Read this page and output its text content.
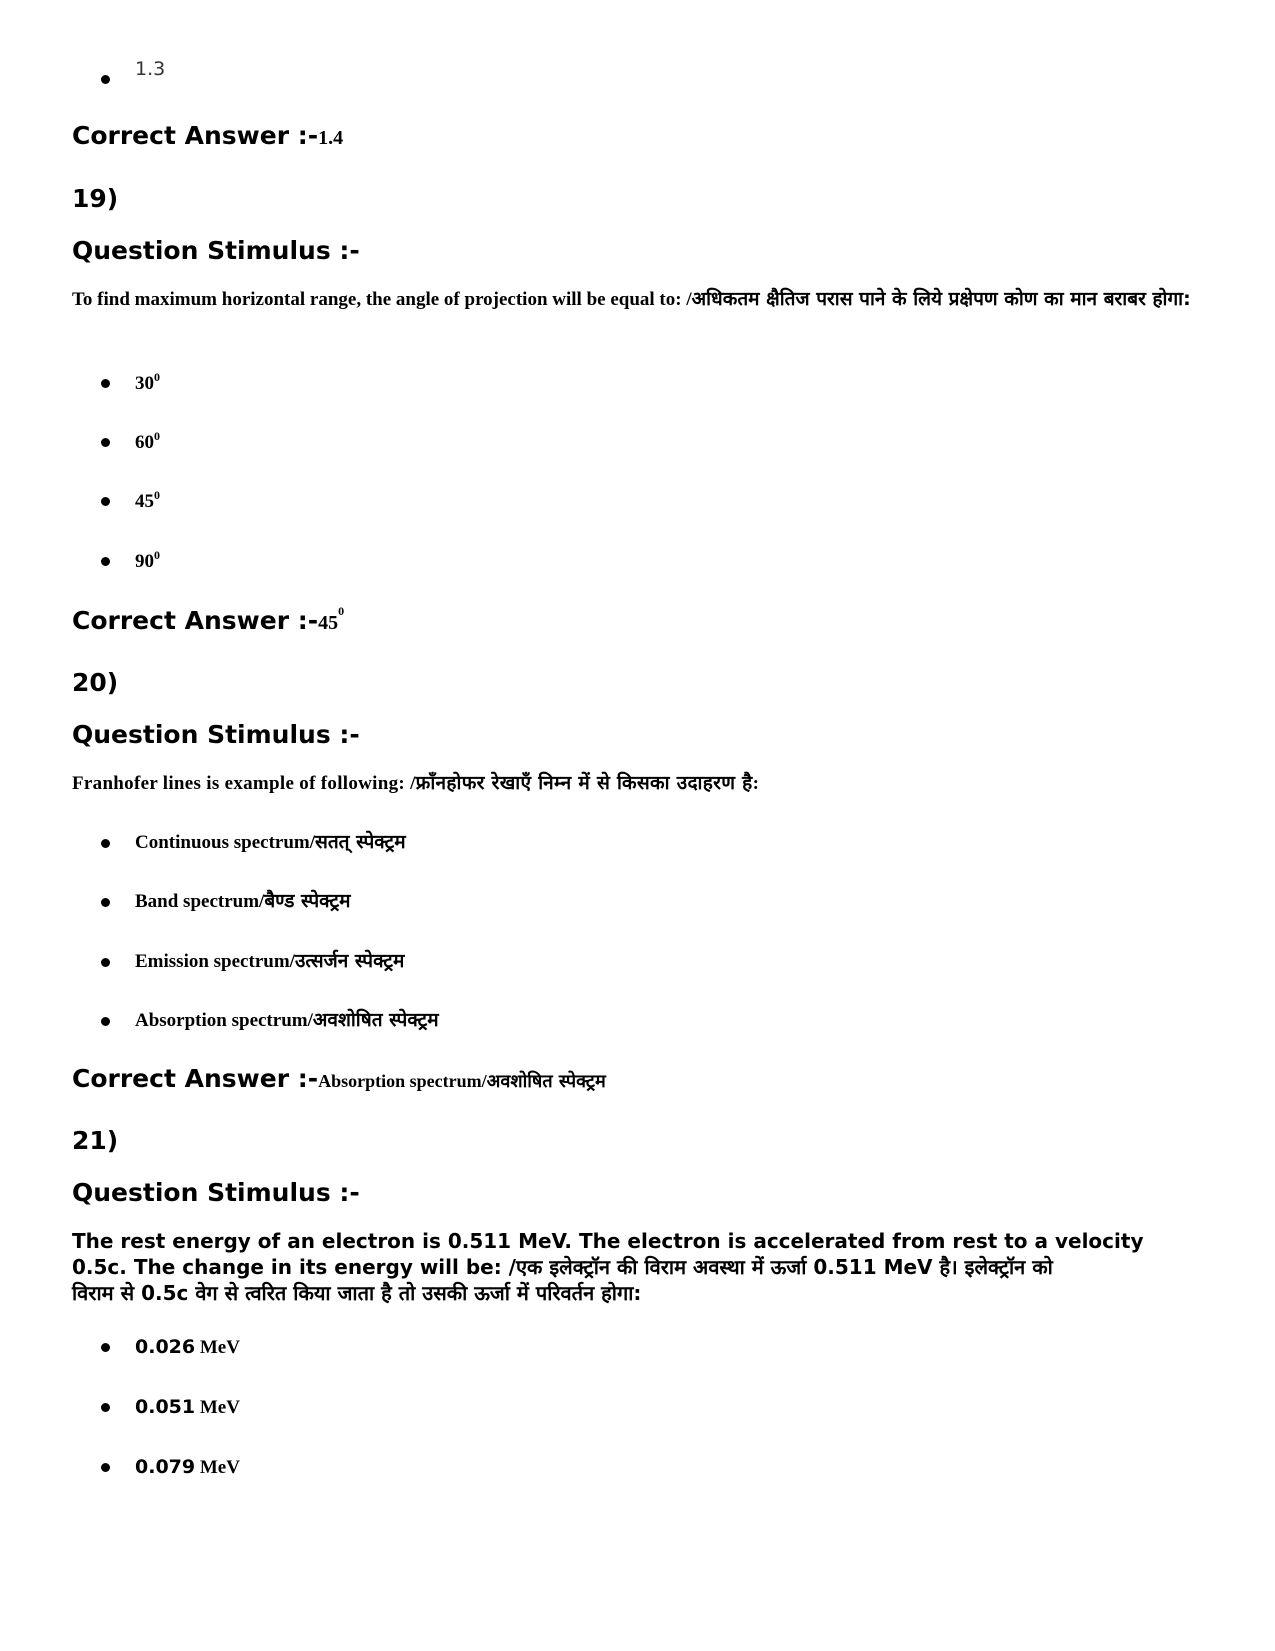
1.3
Correct Answer :-1.4
19)
Question Stimulus :-
To find maximum horizontal range, the angle of projection will be equal to: /अधिकतम क्षैतिज परास पाने के लिये प्रक्षेपण कोण का मान बराबर होगा:
$30^0$
$60^0$
$45^0$
$90^0$
Correct Answer $:-45^0$
20)
Question Stimulus :-
Franhofer lines is example of following: /फ्राँनहोफर रेखाएँ निम्न में से किसका उदाहरण है:
Continuous spectrum/सतत् स्पेक्ट्रम
Band spectrum/बैण्ड स्पेक्ट्रम
Emission spectrum/उत्सर्जन स्पेक्ट्रम
Absorption spectrum/अवशोषित स्पेक्ट्रम
Correct Answer :-Absorption spectrum/अवशोषित स्पेक्ट्रम
21)
Question Stimulus :-
The rest energy of an electron is 0.511 MeV. The electron is accelerated from rest to a velocity
0.5c. The change in its energy will be: /एक इलेक्ट्रॉन की विराम अवस्था में ऊर्जा 0.511 MeV है। इलेक्ट्रॉन को
विराम से 0.5c वेग से त्वरित किया जाता है तो उसकी ऊर्जा में परिवर्तन होगा:
0.026 MeV
0.051 MeV
0.079 MeV
